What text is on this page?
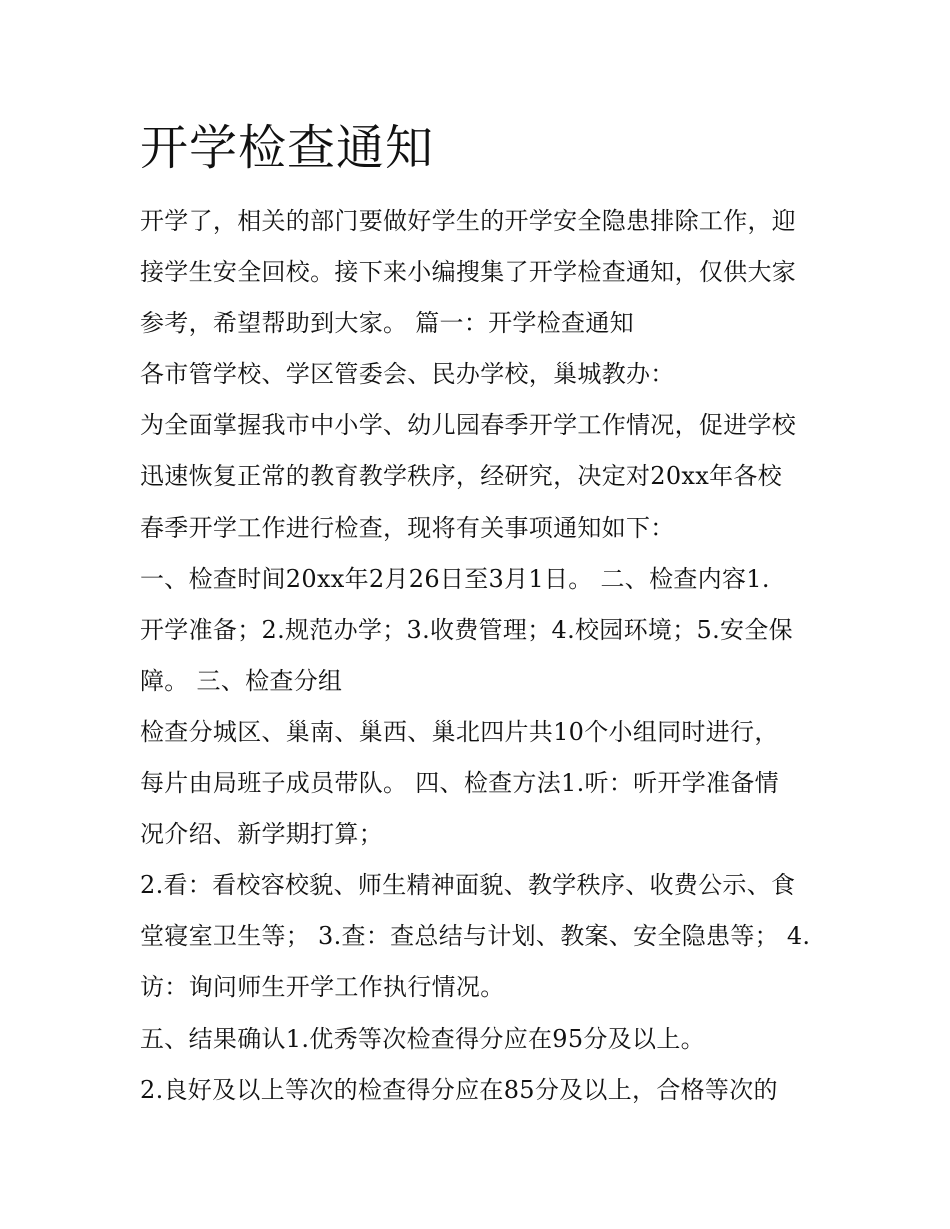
开学检查通知
开学了，相关的部门要做好学生的开学安全隐患排除工作，迎
接学生安全回校。接下来小编搜集了开学检查通知，仅供大家
参考，希望帮助到大家。 篇一：开学检查通知
各市管学校、学区管委会、民办学校，巢城教办：
为全面掌握我市中小学、幼儿园春季开学工作情况，促进学校
迅速恢复正常的教育教学秩序，经研究，决定对20xx年各校
春季开学工作进行检查，现将有关事项通知如下：
一、检查时间20xx年2月26日至3月1日。 二、检查内容1.
开学准备；2.规范办学；3.收费管理；4.校园环境；5.安全保
障。 三、检查分组
检查分城区、巢南、巢西、巢北四片共10个小组同时进行，
每片由局班子成员带队。 四、检查方法1.听：听开学准备情
况介绍、新学期打算；
2.看：看校容校貌、师生精神面貌、教学秩序、收费公示、食
堂寝室卫生等； 3.查：查总结与计划、教案、安全隐患等； 4.
访：询问师生开学工作执行情况。
五、结果确认1.优秀等次检查得分应在95分及以上。
2.良好及以上等次的检查得分应在85分及以上，合格等次的
